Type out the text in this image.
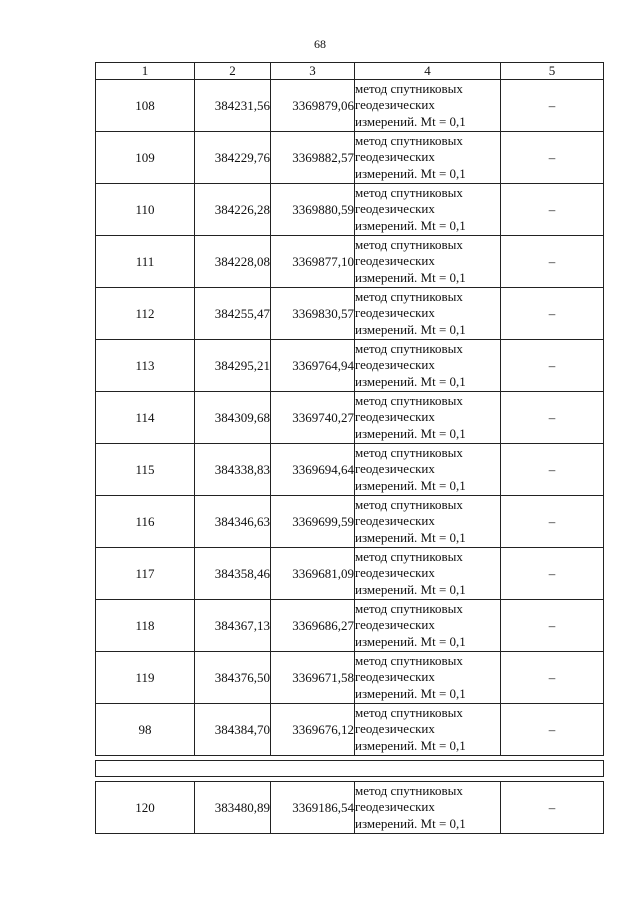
68
1	2	3	4	5
108	384231,56	3369879,06	метод спутниковых
геодезических
измерений. Mt = 0,1	–
109	384229,76	3369882,57	метод спутниковых
геодезических
измерений. Mt = 0,1	–
110	384226,28	3369880,59	метод спутниковых
геодезических
измерений. Mt = 0,1	–
111	384228,08	3369877,10	метод спутниковых
геодезических
измерений. Mt = 0,1	–
112	384255,47	3369830,57	метод спутниковых
геодезических
измерений. Mt = 0,1	–
113	384295,21	3369764,94	метод спутниковых
геодезических
измерений. Mt = 0,1	–
114	384309,68	3369740,27	метод спутниковых
геодезических
измерений. Mt = 0,1	–
115	384338,83	3369694,64	метод спутниковых
геодезических
измерений. Mt = 0,1	–
116	384346,63	3369699,59	метод спутниковых
геодезических
измерений. Mt = 0,1	–
117	384358,46	3369681,09	метод спутниковых
геодезических
измерений. Mt = 0,1	–
118	384367,13	3369686,27	метод спутниковых
геодезических
измерений. Mt = 0,1	–
119	384376,50	3369671,58	метод спутниковых
геодезических
измерений. Mt = 0,1	–
98	384384,70	3369676,12	метод спутниковых
геодезических
измерений. Mt = 0,1	–

120	383480,89	3369186,54	метод спутниковых
геодезических
измерений. Mt = 0,1	–
